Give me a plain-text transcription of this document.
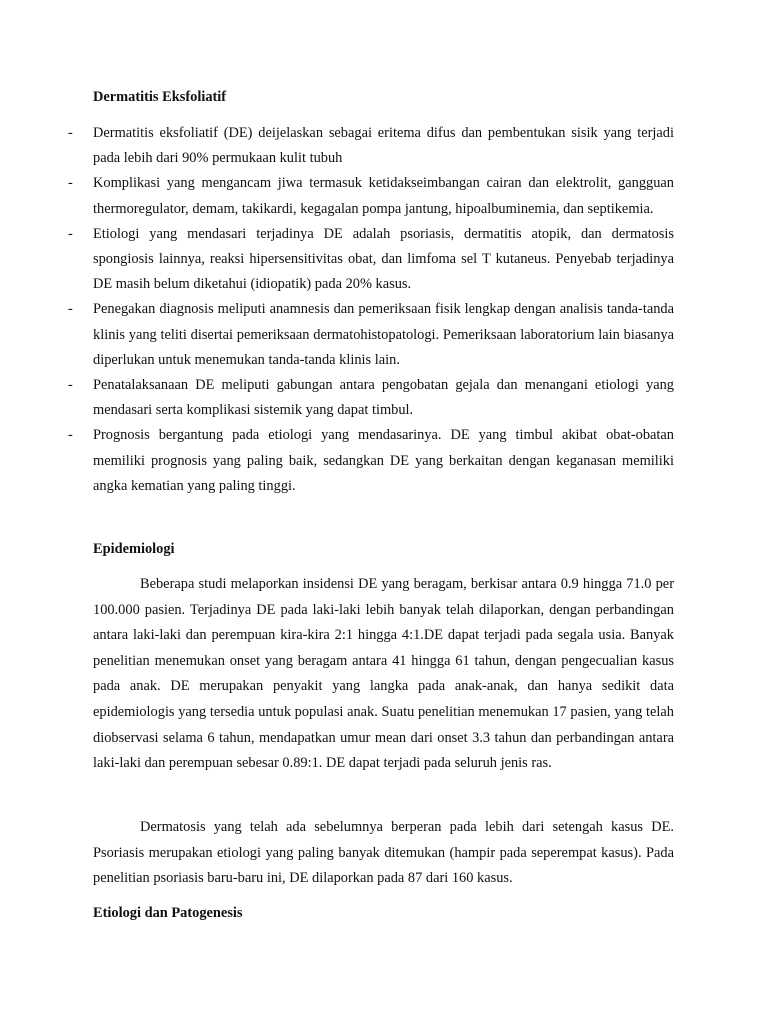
Dermatitis Eksfoliatif
- Dermatitis eksfoliatif (DE) deijelaskan sebagai eritema difus dan pembentukan sisik yang terjadi pada lebih dari 90% permukaan kulit tubuh
- Komplikasi yang mengancam jiwa termasuk ketidakseimbangan cairan dan elektrolit, gangguan thermoregulator, demam, takikardi, kegagalan pompa jantung, hipoalbuminemia, dan septikemia.
- Etiologi yang mendasari terjadinya DE adalah psoriasis, dermatitis atopik, dan dermatosis spongiosis lainnya, reaksi hipersensitivitas obat, dan limfoma sel T kutaneus. Penyebab terjadinya DE masih belum diketahui (idiopatik) pada 20% kasus.
- Penegakan diagnosis meliputi anamnesis dan pemeriksaan fisik lengkap dengan analisis tanda-tanda klinis yang teliti disertai pemeriksaan dermatohistopatologi. Pemeriksaan laboratorium lain biasanya diperlukan untuk menemukan tanda-tanda klinis lain.
- Penatalaksanaan DE meliputi gabungan antara pengobatan gejala dan menangani etiologi yang mendasari serta komplikasi sistemik yang dapat timbul.
- Prognosis bergantung pada etiologi yang mendasarinya. DE yang timbul akibat obat-obatan memiliki prognosis yang paling baik, sedangkan DE yang berkaitan dengan keganasan memiliki angka kematian yang paling tinggi.
Epidemiologi

Beberapa studi melaporkan insidensi DE yang beragam, berkisar antara 0.9 hingga 71.0 per 100.000 pasien. Terjadinya DE pada laki-laki lebih banyak telah dilaporkan, dengan perbandingan antara laki-laki dan perempuan kira-kira 2:1 hingga 4:1.DE dapat terjadi pada segala usia. Banyak penelitian menemukan onset yang beragam antara 41 hingga 61 tahun, dengan pengecualian kasus pada anak. DE merupakan penyakit yang langka pada anak-anak, dan hanya sedikit data epidemiologis yang tersedia untuk populasi anak. Suatu penelitian menemukan 17 pasien, yang telah diobservasi selama 6 tahun, mendapatkan umur mean dari onset 3.3 tahun dan perbandingan antara laki-laki dan perempuan sebesar 0.89:1. DE dapat terjadi pada seluruh jenis ras.

Dermatosis yang telah ada sebelumnya berperan pada lebih dari setengah kasus DE. Psoriasis merupakan etiologi yang paling banyak ditemukan (hampir pada seperempat kasus). Pada penelitian psoriasis baru-baru ini, DE dilaporkan pada 87 dari 160 kasus.

Etiologi dan Patogenesis
